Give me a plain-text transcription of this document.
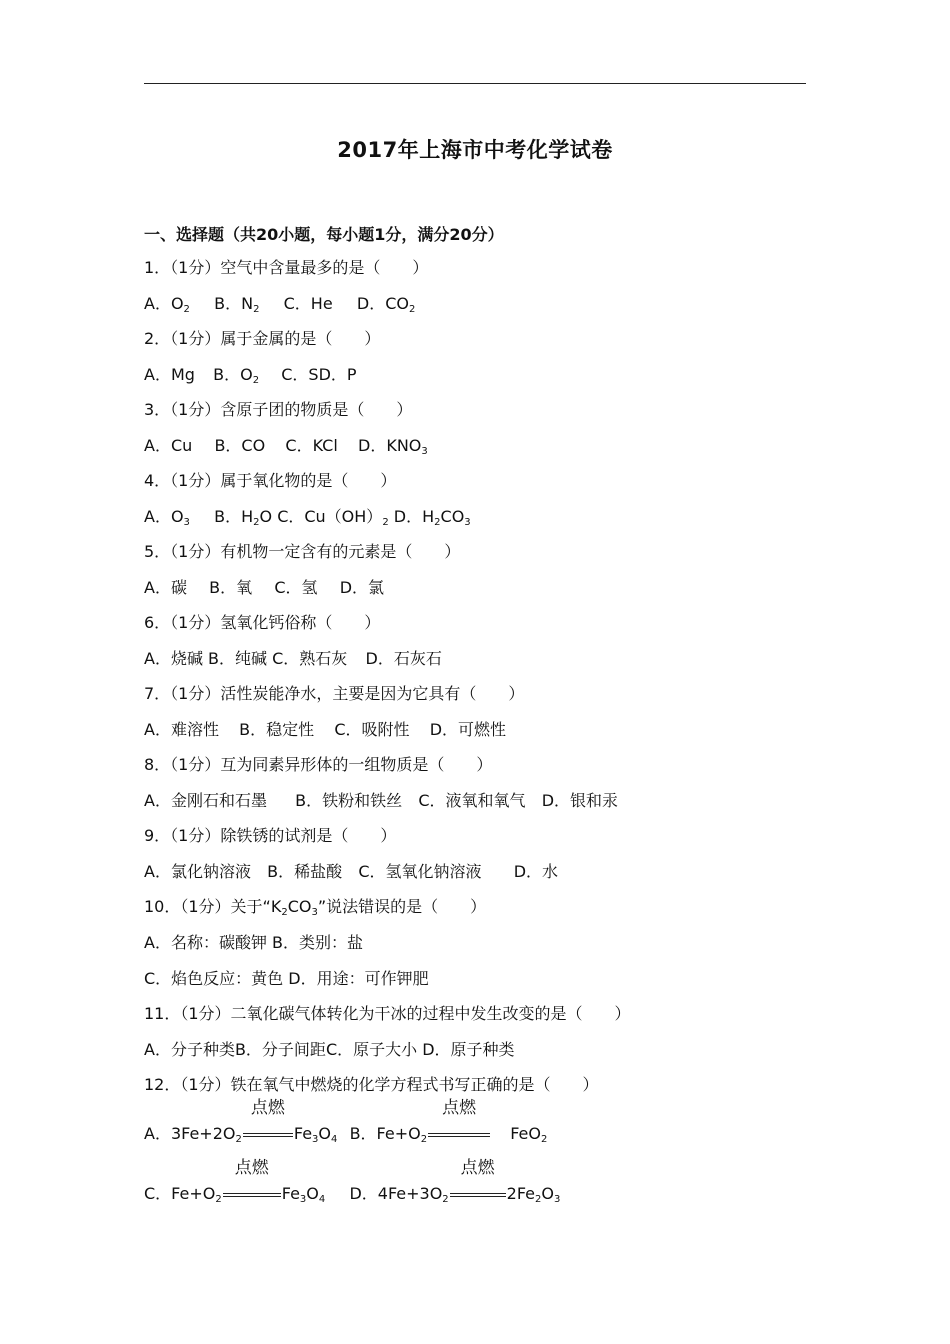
2017年上海市中考化学试卷
一、选择题（共20小题，每小题1分，满分20分）
1．（1分）空气中含量最多的是（　　）
A．$O_2$ B．$N_2$ C．He D．$CO_2$
2．（1分）属于金属的是（　　）
A．Mg B．$O_2$ C．SD．P
3．（1分）含原子团的物质是（　　）
A．Cu B．CO C．KCl D．$KNO_3$
4．（1分）属于氧化物的是（　　）
A．$O_3$ B．$H_2O$ C．$Cu(OH)_2$ D．$H_2CO_3$
5．（1分）有机物一定含有的元素是（　　）
A．碳 B．氧 C．氢 D．氯
6．（1分）氢氧化钙俗称（　　）
A．烧碱 B．纯碱 C．熟石灰 D．石灰石
7．（1分）活性炭能净水，主要是因为它具有（　　）
A．难溶性 B．稳定性 C．吸附性 D．可燃性
8．（1分）互为同素异形体的一组物质是（　　）
A．金刚石和石墨 B．铁粉和铁丝 C．液氧和氧气 D．银和汞
9．（1分）除铁锈的试剂是（　　）
A．氯化钠溶液 B．稀盐酸 C．氢氧化钠溶液 D．水
10．（1分）关于“$K_2CO_3$”说法错误的是（　　）
A．名称：碳酸钾 B．类别：盐
C．焰色反应：黄色 D．用途：可作钾肥
11．（1分）二氧化碳气体转化为干冰的过程中发生改变的是（　　）
A．分子种类B．分子间距C．原子大小 D．原子种类
12．（1分）铁在氧气中燃烧的化学方程式书写正确的是（　　）
A．$3Fe+2O_2$
点燃
$Fe_3O_4$ B．$Fe+O_2$
点燃
FeO$_2$
C．$Fe+O_2$
点燃
$Fe_3O_4$ D．$4Fe+3O_2$
点燃
$2Fe_2O_3$
